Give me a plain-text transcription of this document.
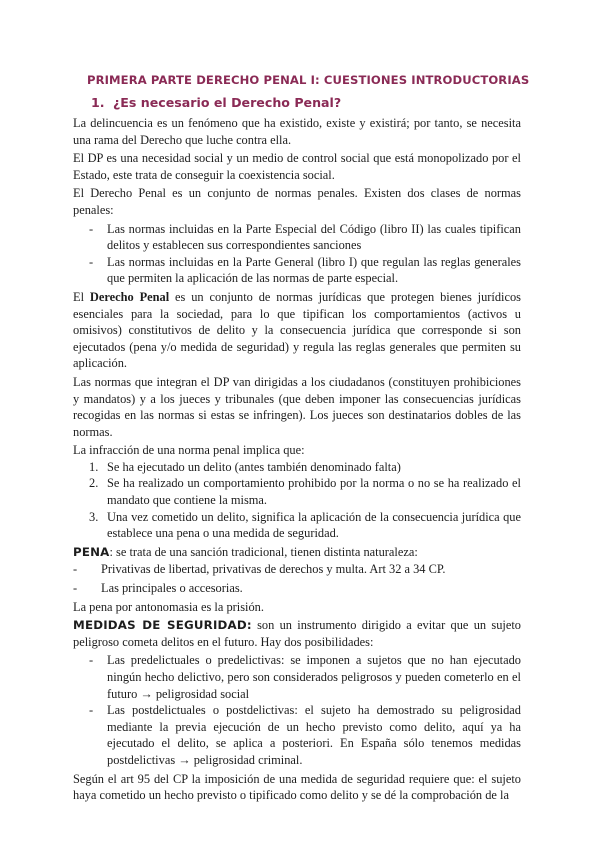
PRIMERA PARTE DERECHO PENAL I: CUESTIONES INTRODUCTORIAS
1. ¿Es necesario el Derecho Penal?

La delincuencia es un fenómeno que ha existido, existe y existirá; por tanto, se necesita una rama del Derecho que luche contra ella.

El DP es una necesidad social y un medio de control social que está monopolizado por el Estado, este trata de conseguir la coexistencia social.

El Derecho Penal es un conjunto de normas penales. Existen dos clases de normas penales:

- Las normas incluidas en la Parte Especial del Código (libro II) las cuales tipifican delitos y establecen sus correspondientes sanciones
- Las normas incluidas en la Parte General (libro I) que regulan las reglas generales que permiten la aplicación de las normas de parte especial.

El Derecho Penal es un conjunto de normas jurídicas que protegen bienes jurídicos esenciales para la sociedad, para lo que tipifican los comportamientos (activos u omisivos) constitutivos de delito y la consecuencia jurídica que corresponde si son ejecutados (pena y/o medida de seguridad) y regula las reglas generales que permiten su aplicación.

Las normas que integran el DP van dirigidas a los ciudadanos (constituyen prohibiciones y mandatos) y a los jueces y tribunales (que deben imponer las consecuencias jurídicas recogidas en las normas si estas se infringen). Los jueces son destinatarios dobles de las normas.

La infracción de una norma penal implica que:

1. Se ha ejecutado un delito (antes también denominado falta)
2. Se ha realizado un comportamiento prohibido por la norma o no se ha realizado el mandato que contiene la misma.
3. Una vez cometido un delito, significa la aplicación de la consecuencia jurídica que establece una pena o una medida de seguridad.

PENA: se trata de una sanción tradicional, tienen distinta naturaleza:

- Privativas de libertad, privativas de derechos y multa. Art 32 a 34 CP.
- Las principales o accesorias.

La pena por antonomasia es la prisión.

MEDIDAS DE SEGURIDAD: son un instrumento dirigido a evitar que un sujeto peligroso cometa delitos en el futuro. Hay dos posibilidades:

- Las predelictuales o predelictivas: se imponen a sujetos que no han ejecutado ningún hecho delictivo, pero son considerados peligrosos y pueden cometerlo en el futuro → peligrosidad social
- Las postdelictuales o postdelictivas: el sujeto ha demostrado su peligrosidad mediante la previa ejecución de un hecho previsto como delito, aquí ya ha ejecutado el delito, se aplica a posteriori. En España sólo tenemos medidas postdelictivas → peligrosidad criminal.

Según el art 95 del CP la imposición de una medida de seguridad requiere que: el sujeto haya cometido un hecho previsto o tipificado como delito y se dé la comprobación de la
